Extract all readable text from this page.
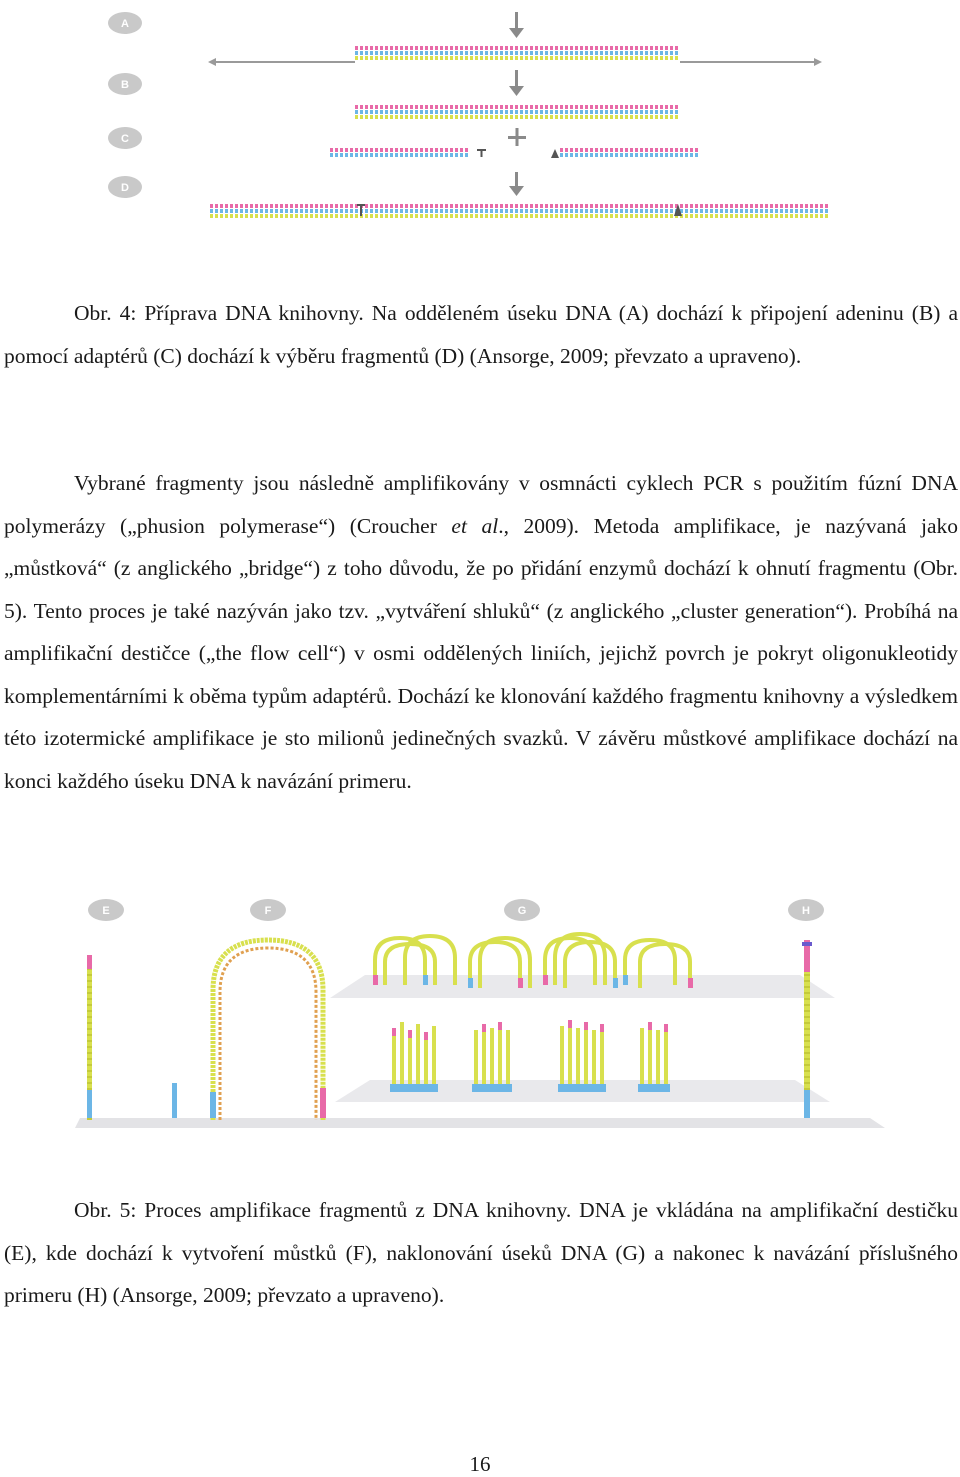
A
B
C
D

Obr. 4: Příprava DNA knihovny. Na odděleném úseku DNA (A) dochází k připojení adeninu (B) a pomocí adaptérů (C) dochází k výběru fragmentů (D) (Ansorge, 2009; převzato a upraveno).

Vybrané fragmenty jsou následně amplifikovány v osmnácti cyklech PCR s použitím fúzní DNA polymerázy („phusion polymerase“) (Croucher et al., 2009). Metoda amplifikace, je nazývaná jako „můstková“ (z anglického „bridge“) z toho důvodu, že po přidání enzymů dochází k ohnutí fragmentu (Obr. 5). Tento proces je také nazýván jako tzv. „vytváření shluků“ (z anglického „cluster generation“). Probíhá na amplifikační destičce („the flow cell“) v osmi oddělených liniích, jejichž povrch je pokryt oligonukleotidy komplementárními k oběma typům adaptérů. Dochází ke klonování každého fragmentu knihovny a výsledkem této izotermické amplifikace je sto milionů jedinečných svazků. V závěru můstkové amplifikace dochází na konci každého úseku DNA k navázání primeru.

E	F	G	H

Obr. 5: Proces amplifikace fragmentů z DNA knihovny. DNA je vkládána na amplifikační destičku (E), kde dochází k vytvoření můstků (F), naklonování úseků DNA (G) a nakonec k navázání příslušného primeru (H) (Ansorge, 2009; převzato a upraveno).

16
